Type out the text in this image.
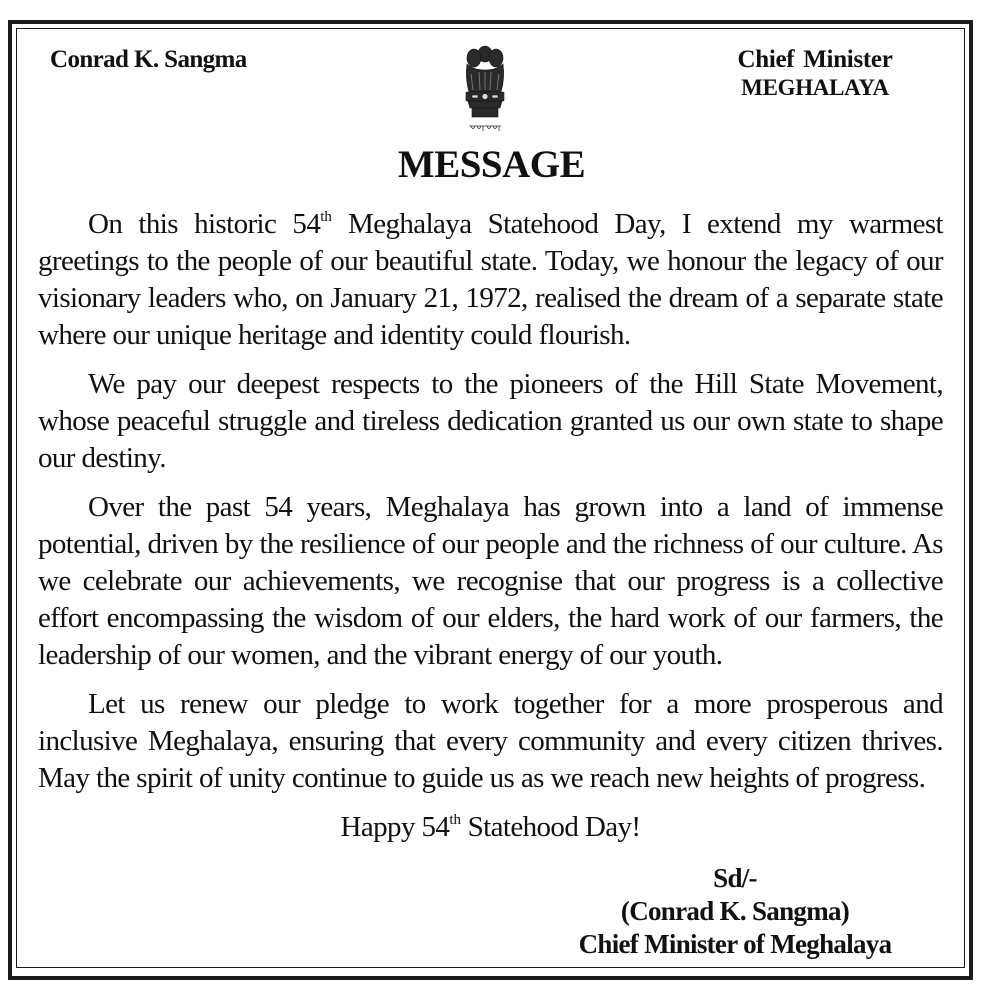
Conrad K. Sangma	Chief Minister
MEGHALAYA
MESSAGE

On this historic 54th Meghalaya Statehood Day, I extend my warmest greetings to the people of our beautiful state. Today, we honour the legacy of our visionary leaders who, on January 21, 1972, realised the dream of a separate state where our unique heritage and identity could flourish.

We pay our deepest respects to the pioneers of the Hill State Movement, whose peaceful struggle and tireless dedication granted us our own state to shape our destiny.

Over the past 54 years, Meghalaya has grown into a land of immense potential, driven by the resilience of our people and the richness of our culture. As we celebrate our achievements, we recognise that our progress is a collective effort encompassing the wisdom of our elders, the hard work of our farmers, the leadership of our women, and the vibrant energy of our youth.

Let us renew our pledge to work together for a more prosperous and inclusive Meghalaya, ensuring that every community and every citizen thrives. May the spirit of unity continue to guide us as we reach new heights of progress.

Happy 54th Statehood Day!

Sd/-
(Conrad K. Sangma)
Chief Minister of Meghalaya
